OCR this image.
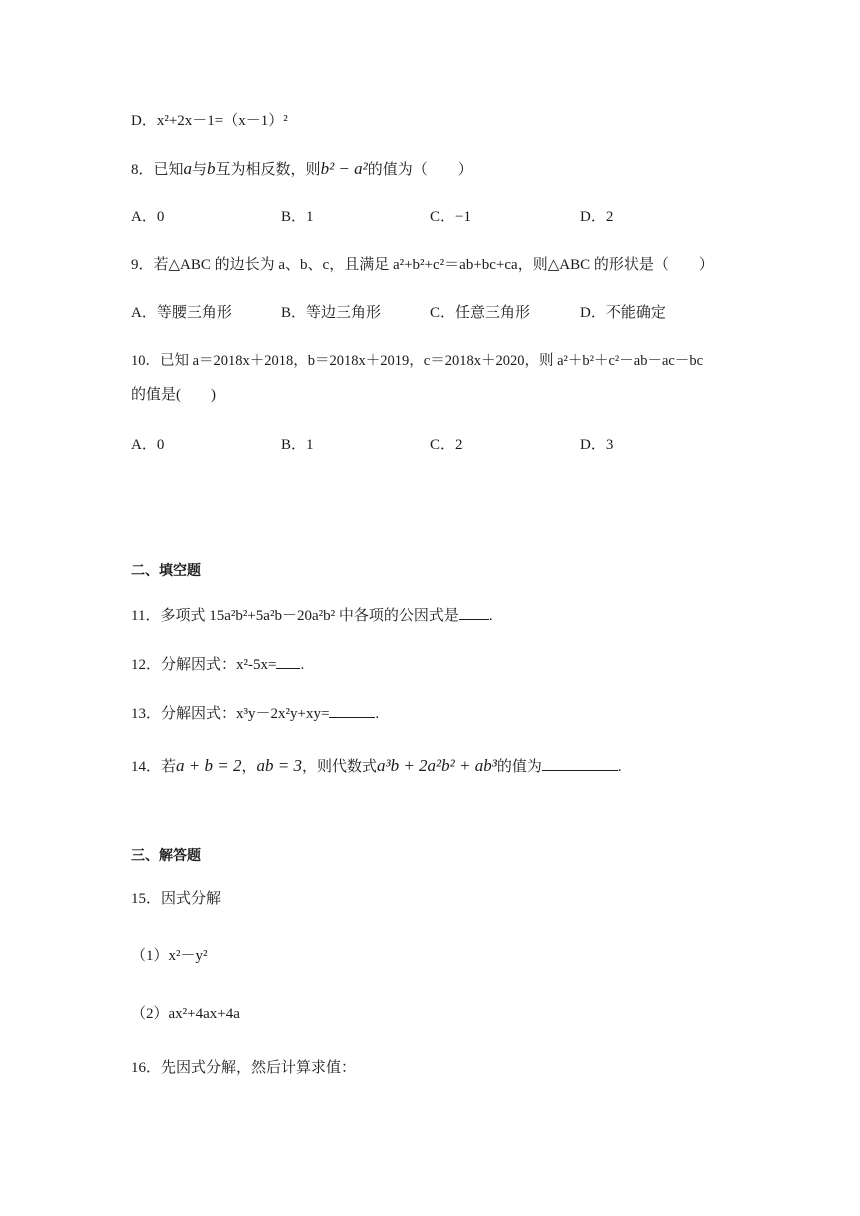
D．x²+2x－1=（x－1）²
8．已知a与b互为相反数，则b² − a²的值为（　　）
A．0	B．1	C．−1	D．2
9．若△ABC 的边长为 a、b、c，且满足 a²+b²+c²＝ab+bc+ca，则△ABC 的形状是（　　）
A．等腰三角形	B．等边三角形	C．任意三角形	D．不能确定
10．已知 a＝2018x＋2018，b＝2018x＋2019，c＝2018x＋2020，则 a²＋b²＋c²－ab－ac－bc
的值是(　　)
A．0	B．1	C．2	D．3
二、填空题
11．多项式 15a²b²+5a²b－20a²b² 中各项的公因式是 .
12．分解因式：x²-5x= .
13．分解因式：x³y－2x²y+xy=	.
14．若a + b = 2，ab = 3，则代数式a³b + 2a²b² + ab³的值为	.
三、解答题
15．因式分解
（1）x²－y²
（2）ax²+4ax+4a
16．先因式分解，然后计算求值：
